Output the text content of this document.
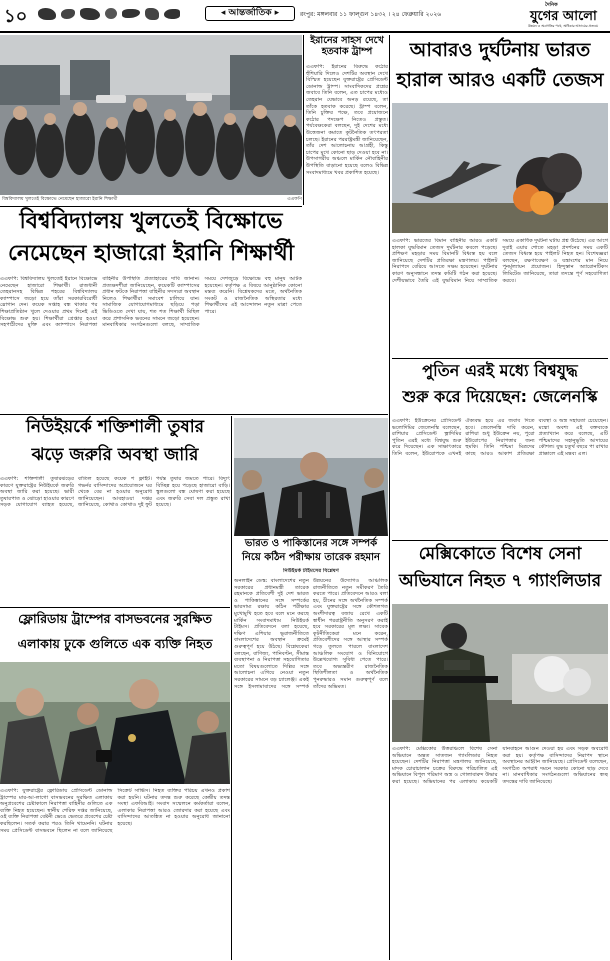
১০	◂ আন্তর্জাতিক ▸	রংপুর: মঙ্গলবার ১১ ফাল্গুন ১৪৩২ । ২৪ ফেব্রুয়ারি ২০২৬
দৈনিক
যুগের আলো
উন্নয়ন ও অগ্রগতির পথে, অধিকার আদায়ের প্রত্যয়ে
বিশ্ববিদ্যালয় খুলতেই বিক্ষোভে নেমেছেন হাজারো ইরানি শিক্ষার্থী	এএফপি
ইরানের সাহস দেখে হতবাক ট্রাম্প
এএফপি: ইরানের বিরুদ্ধে কঠোর হুঁশিয়ারি দিলেও দেশটির অবস্থান দেখে বিস্মিত হয়েছেন যুক্তরাষ্ট্রের প্রেসিডেন্ট ডোনাল্ড ট্রাম্প। সাংবাদিকদের প্রশ্নের জবাবে তিনি বলেন, এত চাপের মধ্যেও তেহরান যেভাবে অনড় রয়েছে, তা তাঁকে হতবাক করেছে। ট্রাম্প বলেন, তিনি চুক্তির পক্ষে, তবে প্রয়োজনে কঠোর পদক্ষেপ নিতেও প্রস্তুত। পর্যবেক্ষকেরা বলছেন, দুই দেশের মধ্যে উত্তেজনা কমাতে কূটনৈতিক তৎপরতা চলছে। ইরানের পররাষ্ট্রমন্ত্রী জানিয়েছেন, তাঁর দেশ আলোচনায় আগ্রহী, কিন্তু চাপের মুখে কোনো ছাড় দেওয়া হবে না। উপসাগরীয় অঞ্চলে মার্কিন নৌবাহিনীর উপস্থিতি বাড়ানো হয়েছে বলেও বিভিন্ন সংবাদমাধ্যমে খবর প্রকাশিত হয়েছে।
আবারও দুর্ঘটনায় ভারত
হারাল আরও একটি তেজস
এএফপি: ভারতের বিমান বাহিনীর আরও একটি হালকা যুদ্ধবিমান তেজস দুর্ঘটনার কবলে পড়েছে। প্রশিক্ষণ মহড়ার সময় বিমানটি বিধ্বস্ত হয় বলে জানিয়েছে দেশটির প্রতিরক্ষা মন্ত্রণালয়। পাইলট নিরাপদে বেরিয়ে আসতে সক্ষম হয়েছেন। দুর্ঘটনার কারণ অনুসন্ধানে তদন্ত কমিটি গঠন করা হয়েছে। দেশীয়ভাবে তৈরি এই যুদ্ধবিমান নিয়ে সাম্প্রতিক সময়ে একাধিক দুর্ঘটনা ঘটায় প্রশ্ন উঠেছে। এর আগে দুবাই এয়ার শোতে মহড়া প্রদর্শনের সময় একটি তেজস বিধ্বস্ত হয়ে পাইলট নিহত হন। বিশেষজ্ঞরা বলছেন, রক্ষণাবেক্ষণ ও যন্ত্রাংশের মান নিয়ে পুনর্মূল্যায়ন প্রয়োজন। হিন্দুস্তান অ্যারোনটিকস লিমিটেড জানিয়েছে, তারা তদন্তে পূর্ণ সহযোগিতা করবে।
বিশ্ববিদ্যালয় খুলতেই বিক্ষোভে
নেমেছেন হাজারো ইরানি শিক্ষার্থী
এএফপি: বিশ্ববিদ্যালয় খুলতেই ইরানে বিক্ষোভে নেমেছেন হাজারো শিক্ষার্থী। রাজধানী তেহরানসহ বিভিন্ন শহরের বিশ্ববিদ্যালয় ক্যাম্পাসে জড়ো হয়ে তাঁরা সরকারবিরোধী স্লোগান দেন। কয়েক সপ্তাহ বন্ধ থাকার পর শিক্ষাপ্রতিষ্ঠান খুলে দেওয়ার প্রথম দিনেই এই বিক্ষোভ শুরু হয়। শিক্ষার্থীরা গ্রেপ্তার হওয়া সহপাঠীদের মুক্তি এবং ক্যাম্পাসে নিরাপত্তা বাহিনীর উপস্থিতি প্রত্যাহারের দাবি জানান। প্রত্যক্ষদর্শীরা জানিয়েছেন, কয়েকটি ক্যাম্পাসের প্রধান ফটকে নিরাপত্তা বাহিনীর সদস্যরা অবস্থান নিলেও শিক্ষার্থীরা সমাবেশ চালিয়ে যান। সামাজিক যোগাযোগমাধ্যমে ছড়িয়ে পড়া ভিডিওতে দেখা যায়, শত শত শিক্ষার্থী মিছিল করে প্রশাসনিক ভবনের সামনে জড়ো হয়েছেন। মানবাধিকার সংগঠনগুলো বলছে, সাম্প্রতিক সময়ে দেশজুড়ে বিক্ষোভে বহু মানুষ আটক হয়েছেন। কর্তৃপক্ষ এ বিষয়ে আনুষ্ঠানিক কোনো মন্তব্য করেনি। বিশ্লেষকদের মতে, অর্থনৈতিক সংকট ও রাজনৈতিক অস্থিরতার মধ্যে শিক্ষার্থীদের এই আন্দোলন নতুন মাত্রা পেতে পারে।
পুতিন এরই মধ্যে বিশ্বযুদ্ধ
শুরু করে দিয়েছেন: জেলেনস্কি
এএফপি: ইউক্রেনের প্রেসিডেন্ট ভলোদিমির জেলেনস্কি বলেছেন, রাশিয়ার প্রেসিডেন্ট ভ্লাদিমির পুতিন এরই মধ্যে বিশ্বযুদ্ধ শুরু করে দিয়েছেন। এক সাক্ষাৎকারে তিনি বলেন, ইউরোপকে এখনই ঐক্যবদ্ধ হয়ে এর জবাব দিতে হবে। জেলেনস্কি দাবি করেন, রাশিয়া শুধু ইউক্রেন নয়, পুরো ইউরোপের নিরাপত্তার জন্য হুমকি। তিনি পশ্চিমা মিত্রদের কাছে আরও আকাশ প্রতিরক্ষা ব্যবস্থা ও অস্ত্র সহায়তা চেয়েছেন। মস্কো অবশ্য এই বক্তব্যকে প্রত্যাখ্যান করে বলেছে, এটি পশ্চিমাদের সহানুভূতি আদায়ের কৌশল। যুদ্ধ চতুর্থ বছরে পা রাখার প্রাক্কালে এই মন্তব্য এল।
নিউইয়র্কে শক্তিশালী তুষার
ঝড়ে জরুরি অবস্থা জারি
এএফপি: শক্তিশালী তুষারঝড়ের কারণে যুক্তরাষ্ট্রের নিউইয়র্কে জরুরি অবস্থা জারি করা হয়েছে। ভারী তুষারপাত ও ঝোড়ো হাওয়ার কারণে সড়ক যোগাযোগ ব্যাহত হয়েছে, বাতিল হয়েছে কয়েক শ ফ্লাইট। গভর্নর বাসিন্দাদের অপ্রয়োজনে ঘর থেকে বের না হওয়ার অনুরোধ জানিয়েছেন। আবহাওয়া দপ্তর জানিয়েছে, কোথাও কোথাও দুই ফুট পর্যন্ত তুষার জমতে পারে। বিদ্যুৎ বিচ্ছিন্ন হয়ে পড়েছে হাজারো বাড়ি। স্কুলগুলো বন্ধ ঘোষণা করা হয়েছে এবং জরুরি সেবা দল প্রস্তুত রাখা হয়েছে।
ভারত ও পাকিস্তানের সঙ্গে সম্পর্ক
নিয়ে কঠিন পরীক্ষায় তারেক রহমান
নিউইয়র্ক টাইমসের বিশ্লেষণ
মেক্সিকোতে বিশেষ সেনা
অভিযানে নিহত ৭ গ্যাংলিডার
এএফপি: মেক্সিকোর উত্তরাঞ্চলে বিশেষ সেনা অভিযানে অন্তত সাতজন গ্যাংলিডার নিহত হয়েছেন। দেশটির নিরাপত্তা মন্ত্রণালয় জানিয়েছে, মাদক চোরাচালান চক্রের বিরুদ্ধে পরিচালিত এই অভিযানে বিপুল পরিমাণ অস্ত্র ও গোলাবারুদ উদ্ধার করা হয়েছে। অভিযানের পর এলাকায় কয়েকটি যানবাহনে আগুন দেওয়া হয় এবং সড়ক অবরোধ করা হয়। কর্তৃপক্ষ বাসিন্দাদের নিরাপদ স্থানে অবস্থানের আহ্বান জানিয়েছে। প্রেসিডেন্ট বলেছেন, সংগঠিত অপরাধ দমনে সরকার কোনো ছাড় দেবে না। মানবাধিকার সংগঠনগুলো অভিযানের স্বচ্ছ তদন্তের দাবি জানিয়েছে।
ফ্লোরিডায় ট্রাম্পের বাসভবনের সুরক্ষিত
এলাকায় ঢুকে গুলিতে এক ব্যক্তি নিহত
অনলাইন ডেস্ক: বাংলাদেশের নতুন সরকারের প্রধানমন্ত্রী তারেক রহমানকে প্রতিবেশী দুই দেশ ভারত ও পাকিস্তানের সঙ্গে সম্পর্কের ভারসাম্য রক্ষায় কঠিন পরীক্ষার মুখোমুখি হতে হবে বলে মনে করছে মার্কিন সংবাদমাধ্যম নিউইয়র্ক টাইমস। প্রতিবেদনে বলা হয়েছে, দক্ষিণ এশিয়ার ভূরাজনীতিতে বাংলাদেশের অবস্থান ক্রমেই গুরুত্বপূর্ণ হয়ে উঠছে। বিশ্লেষকেরা বলছেন, বাণিজ্য, পানিবণ্টন, সীমান্ত ব্যবস্থাপনা ও নিরাপত্তা সহযোগিতার মতো বিষয়গুলোতে দিল্লির সঙ্গে আলোচনা এগিয়ে নেওয়া নতুন সরকারের সামনে বড় চ্যালেঞ্জ। একই সঙ্গে ইসলামাবাদের সঙ্গে সম্পর্ক উন্নয়নের উদ্যোগও আঞ্চলিক রাজনীতিতে নতুন সমীকরণ তৈরি করতে পারে। প্রতিবেদনে আরও বলা হয়, চীনের সঙ্গে অর্থনৈতিক সম্পর্ক এবং যুক্তরাষ্ট্রের সঙ্গে কৌশলগত অংশীদারত্ব বজায় রেখে একটি স্বাধীন পররাষ্ট্রনীতি অনুসরণ করাই হবে সরকারের মূল লক্ষ্য। সাবেক কূটনীতিকেরা মনে করেন, প্রতিবেশীদের সঙ্গে আস্থার সম্পর্ক গড়ে তুলতে পারলে বাংলাদেশ আঞ্চলিক সংযোগ ও বিনিয়োগে উল্লেখযোগ্য সুবিধা পেতে পারে। তবে অভ্যন্তরীণ রাজনৈতিক স্থিতিশীলতা ও অর্থনৈতিক পুনরুদ্ধারও সমান গুরুত্বপূর্ণ বলে তাঁদের অভিমত।
এএফপি: যুক্তরাষ্ট্রের ফ্লোরিডায় প্রেসিডেন্ট ডোনাল্ড ট্রাম্পের মার-আ-লাগো বাসভবনের সুরক্ষিত এলাকায় অনুপ্রবেশের চেষ্টাকালে নিরাপত্তা বাহিনীর গুলিতে এক ব্যক্তি নিহত হয়েছেন। স্থানীয় শেরিফ দপ্তর জানিয়েছে, ওই ব্যক্তি নিরাপত্তা বেষ্টনী ভেঙে ভেতরে প্রবেশের চেষ্টা করছিলেন। সতর্ক করার পরও তিনি থামেননি। ঘটনার সময় প্রেসিডেন্ট বাসভবনে ছিলেন না বলে জানিয়েছে সিক্রেট সার্ভিস। নিহত ব্যক্তির পরিচয় এখনও প্রকাশ করা হয়নি। ঘটনার তদন্ত শুরু করেছে কেন্দ্রীয় তদন্ত সংস্থা এফবিআই। সংবাদ সম্মেলনে কর্মকর্তারা বলেন, এলাকার নিরাপত্তা আরও জোরদার করা হয়েছে এবং বাসিন্দাদের আতঙ্কিত না হওয়ার অনুরোধ জানানো হয়েছে।
